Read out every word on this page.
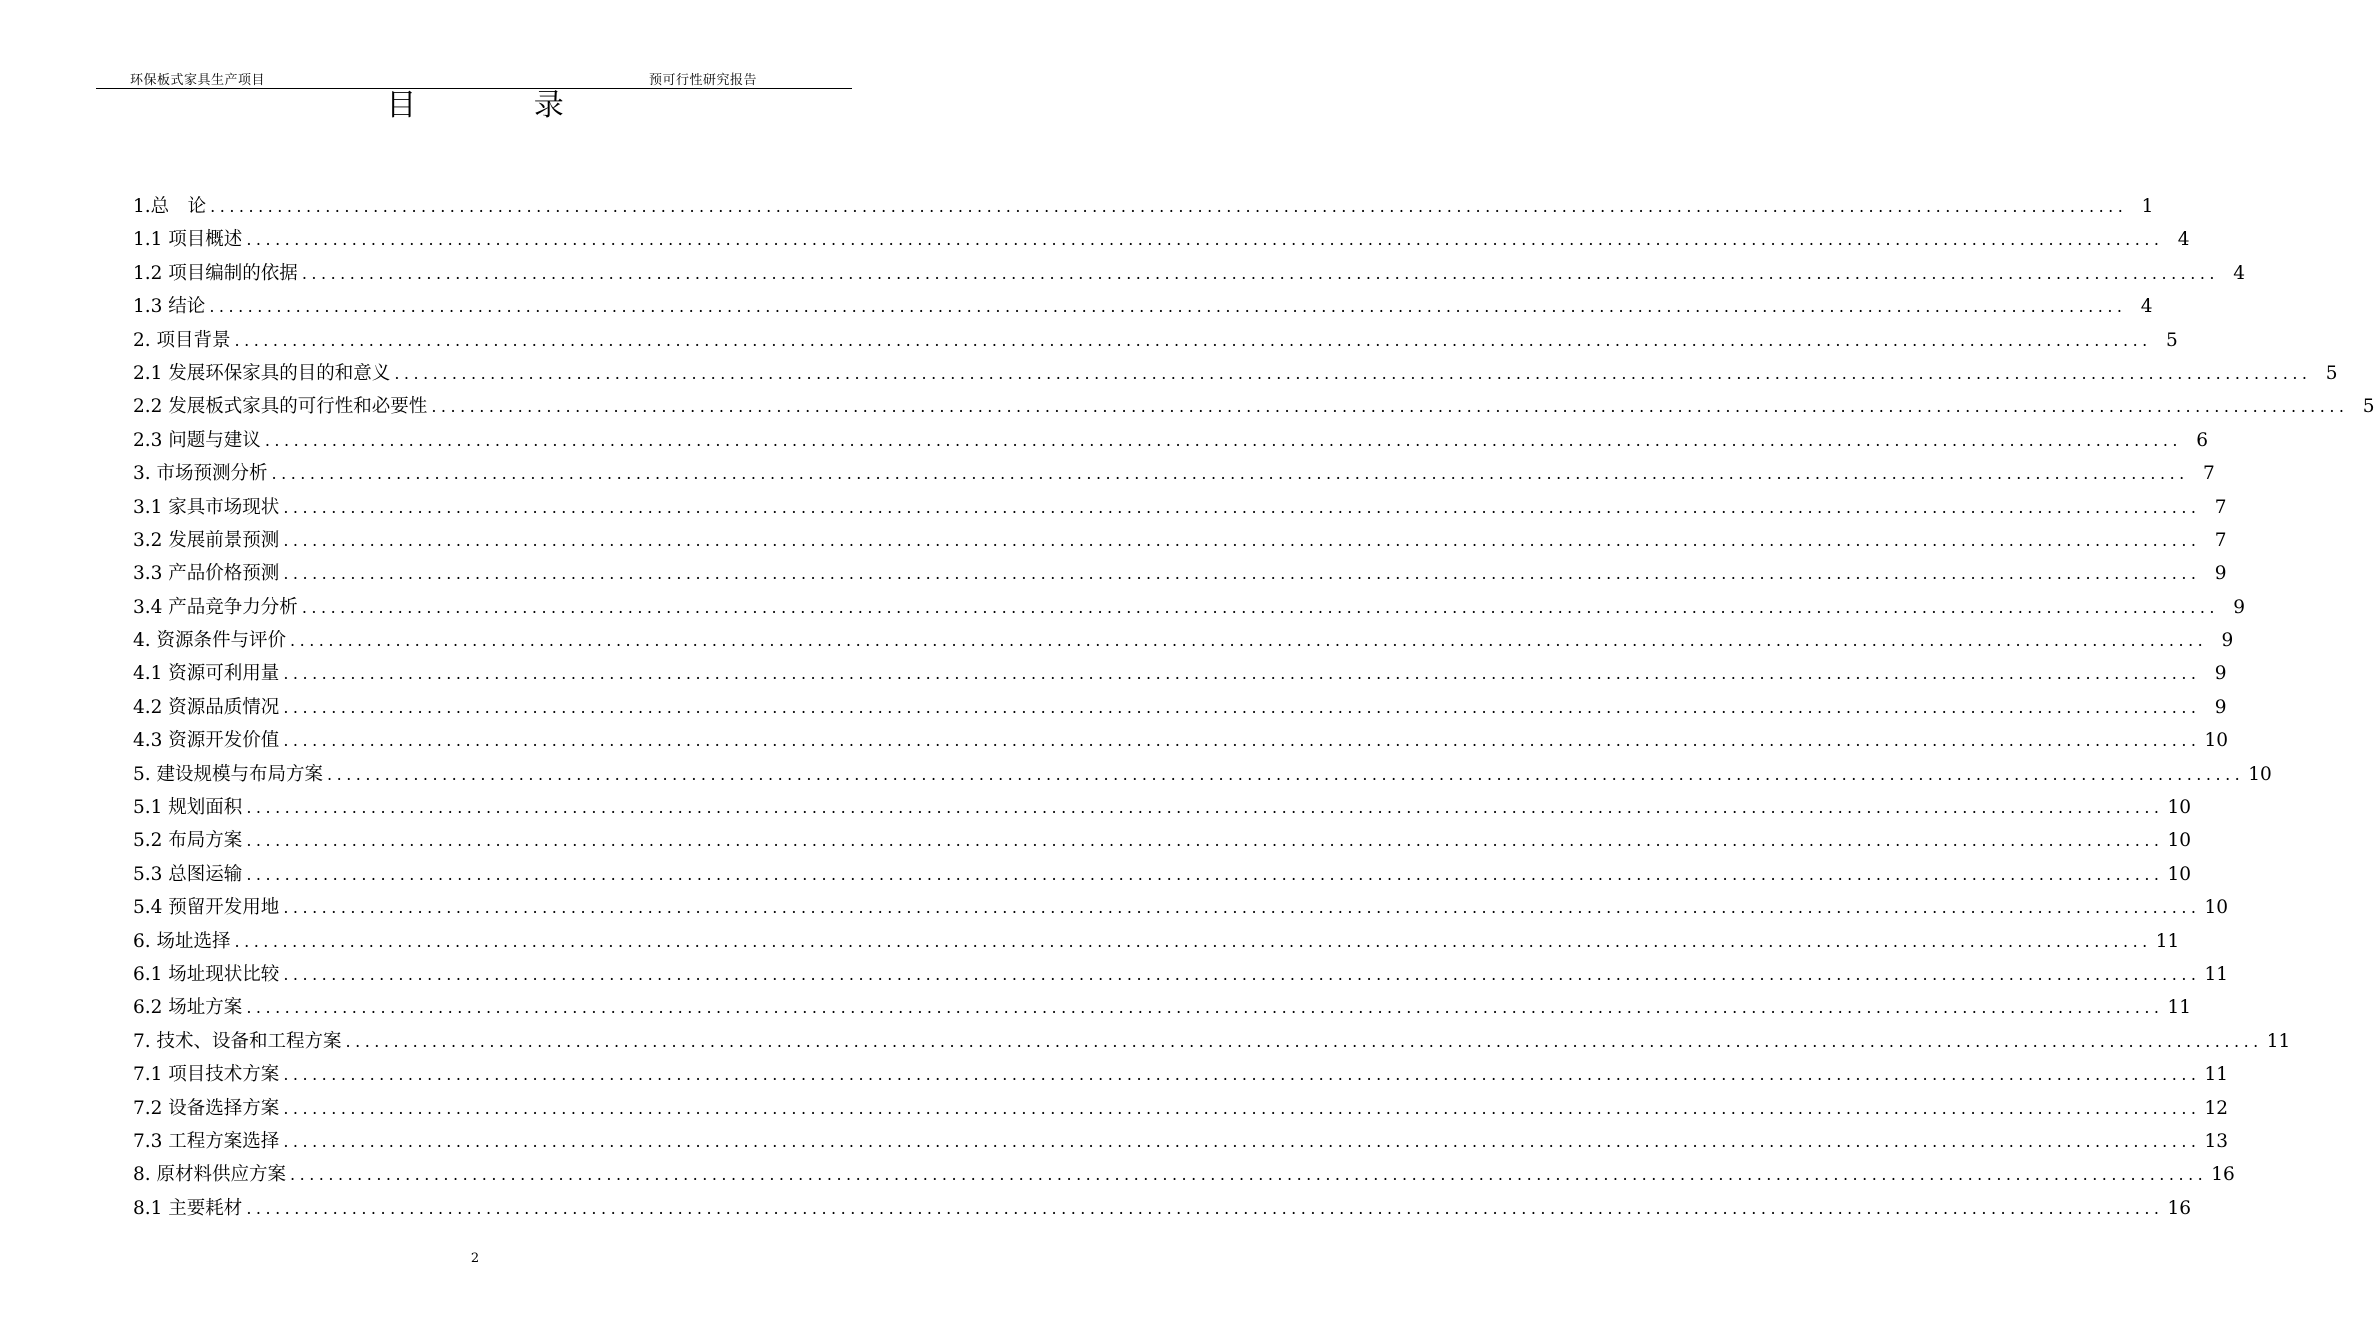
环保板式家具生产项目	预可行性研究报告
目 录
1.总　论 ........................................................................................................................................................................................................ 1
1.1 项目概述 ........................................................................................................................................................................................................ 4
1.2 项目编制的依据 ........................................................................................................................................................................................................ 4
1.3 结论 ........................................................................................................................................................................................................ 4
2. 项目背景 ........................................................................................................................................................................................................ 5
2.1 发展环保家具的目的和意义 ........................................................................................................................................................................................................ 5
2.2 发展板式家具的可行性和必要性 ........................................................................................................................................................................................................ 5
2.3 问题与建议 ........................................................................................................................................................................................................ 6
3. 市场预测分析 ........................................................................................................................................................................................................ 7
3.1 家具市场现状 ........................................................................................................................................................................................................ 7
3.2 发展前景预测 ........................................................................................................................................................................................................ 7
3.3 产品价格预测 ........................................................................................................................................................................................................ 9
3.4 产品竞争力分析 ........................................................................................................................................................................................................ 9
4. 资源条件与评价 ........................................................................................................................................................................................................ 9
4.1 资源可利用量 ........................................................................................................................................................................................................ 9
4.2 资源品质情况 ........................................................................................................................................................................................................ 9
4.3 资源开发价值 ........................................................................................................................................................................................................ 10
5. 建设规模与布局方案 ........................................................................................................................................................................................................ 10
5.1 规划面积 ........................................................................................................................................................................................................ 10
5.2 布局方案 ........................................................................................................................................................................................................ 10
5.3 总图运输 ........................................................................................................................................................................................................ 10
5.4 预留开发用地 ........................................................................................................................................................................................................ 10
6. 场址选择 ........................................................................................................................................................................................................ 11
6.1 场址现状比较 ........................................................................................................................................................................................................ 11
6.2 场址方案 ........................................................................................................................................................................................................ 11
7. 技术、设备和工程方案 ........................................................................................................................................................................................................ 11
7.1 项目技术方案 ........................................................................................................................................................................................................ 11
7.2 设备选择方案 ........................................................................................................................................................................................................ 12
7.3 工程方案选择 ........................................................................................................................................................................................................ 13
8. 原材料供应方案 ........................................................................................................................................................................................................ 16
8.1 主要耗材 ........................................................................................................................................................................................................ 16
2
